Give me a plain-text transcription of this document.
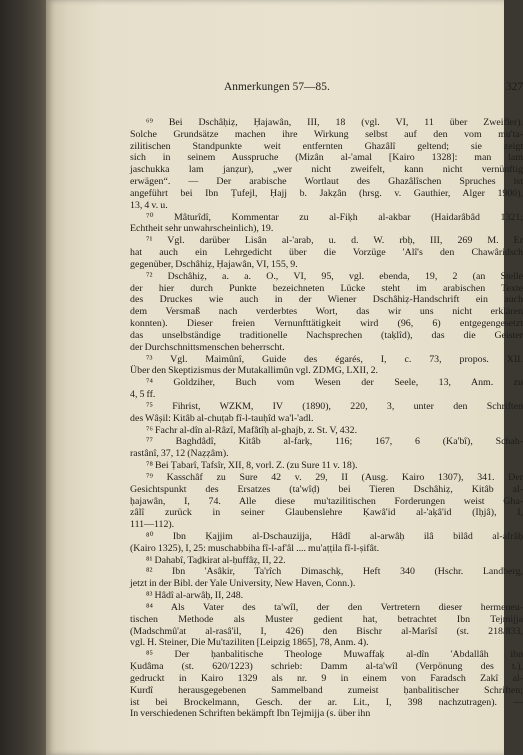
Anmerkungen 57—85.	327
⁶⁹ Bei Dschâḥiẓ, Ḥajawân, III, 18 (vgl. VI, 11 über Zweifler).
Solche Grundsätze machen ihre Wirkung selbst auf den vom mu'ta-
zilitischen Standpunkte weit entfernten Ghazâlî geltend; sie zeigt
sich in seinem Ausspruche (Mizân al-'amal [Kairo 1328]: man lam
jaschukka lam janẓur), „wer nicht zweifelt, kann nicht vernünftig
erwägen“. — Der arabische Wortlaut des Ghazâlîschen Spruches ist
angeführt bei Ibn Ṭufejl, Ḥajj b. Jakẓân (hrsg. v. Gauthier, Alger 1900),
13, 4 v. u.
⁷⁰ Mâturîdî, Kommentar zu al-Fiḳh al-akbar (Haidarâbâd 1321;
Echtheit sehr unwahrscheinlich), 19.
⁷¹ Vgl. darüber Lisân al-'arab, u. d. W. rbḥ, III, 269 M. Er
hat auch ein Lehrgedicht über die Vorzüge 'Alî's den Chawâridsch
gegenüber, Dschâhiẓ, Ḥajawân, VI, 155, 9.
⁷² Dschâhiẓ, a. a. O., VI, 95, vgl. ebenda, 19, 2 (an Stelle
der hier durch Punkte bezeichneten Lücke steht im arabischen Texte
des Druckes wie auch in der Wiener Dschâhiẓ-Handschrift ein auch
dem Versmaß nach verderbtes Wort, das wir uns nicht erklären
konnten). Dieser freien Vernunfttätigkeit wird (96, 6) entgegengesetzt
das unselbständige traditionelle Nachsprechen (taḳlîd), das die Geister
der Durchschnittsmenschen beherrscht.
⁷³ Vgl. Maimûnî, Guide des égarés, I, c. 73, propos. XII.
Über den Skeptizismus der Mutakallimûn vgl. ZDMG, LXII, 2.
⁷⁴ Goldziher, Buch vom Wesen der Seele, 13, Anm. zu
4, 5 ff.
⁷⁵ Fihrist, WZKM, IV (1890), 220, 3, unter den Schriften
des Wâṣil: Kitâb al-chuṭab fî-l-tauḥîd wa'l-'adl.
⁷⁶ Fachr al-dîn al-Râzî, Mafâtîḥ al-ghajb, z. St. V, 432.
⁷⁷ Baghdâdî, Kitâb al-farḳ, 116; 167, 6 (Ka'bî), Schah-
rastânî, 37, 12 (Naẓẓâm).
⁷⁸ Bei Ṭabarî, Tafsîr, XII, 8, vorl. Z. (zu Sure 11 v. 18).
⁷⁹ Kasschâf zu Sure 42 v. 29, II (Ausg. Kairo 1307), 341. Der
Gesichtspunkt des Ersatzes (ta'wîḍ) bei Tieren Dschâhiẓ, Kitâb al-
ḥajawân, I, 74. Alle diese mu'tazilitischen Forderungen weist Gha-
zâlî zurück in seiner Glaubenslehre Ḳawâ'id al-'aḳâ'id (Iḥjâ), I,
111—112).
⁸⁰ Ibn Ḳajjim al-Dschauzijja, Hâdî al-arwâḥ ilâ bilâd al-afrâḥ
(Kairo 1325), I, 25: muschabbiha fî-l-af'âl .... mu'aṭṭila fî-l-ṣifât.
⁸¹ Dahabî, Taḏkirat al-ḥuffâẓ, II, 22.
⁸² Ibn 'Asâkir, Ta'rîch Dimaschḳ, Heft 340 (Hschr. Landberg,
jetzt in der Bibl. der Yale University, New Haven, Conn.).
⁸³ Hâdî al-arwâḥ, II, 248.
⁸⁴ Als Vater des ta'wîl, der den Vertretern dieser hermeneu-
tischen Methode als Muster gedient hat, betrachtet Ibn Tejmijja
(Madschmû'at al-rasâ'il, I, 426) den Bischr al-Marîsî (st. 218/833,
vgl. H. Steiner, Die Mu'taziliten [Leipzig 1865], 78, Anm. 4).
⁸⁵ Der ḥanbalitische Theologe Muwaffaḳ al-dîn 'Abdallâh ibn
Ḳudâma (st. 620/1223) schrieb: Damm al-ta'wîl (Verpönung des t.),
gedruckt in Kairo 1329 als nr. 9 in einem von Faradsch Zakî al-
Kurdî herausgegebenen Sammelband zumeist ḥanbalitischer Schriften;
ist bei Brockelmann, Gesch. der ar. Lit., I, 398 nachzutragen). —
In verschiedenen Schriften bekämpft Ibn Tejmijja (s. über ihn
